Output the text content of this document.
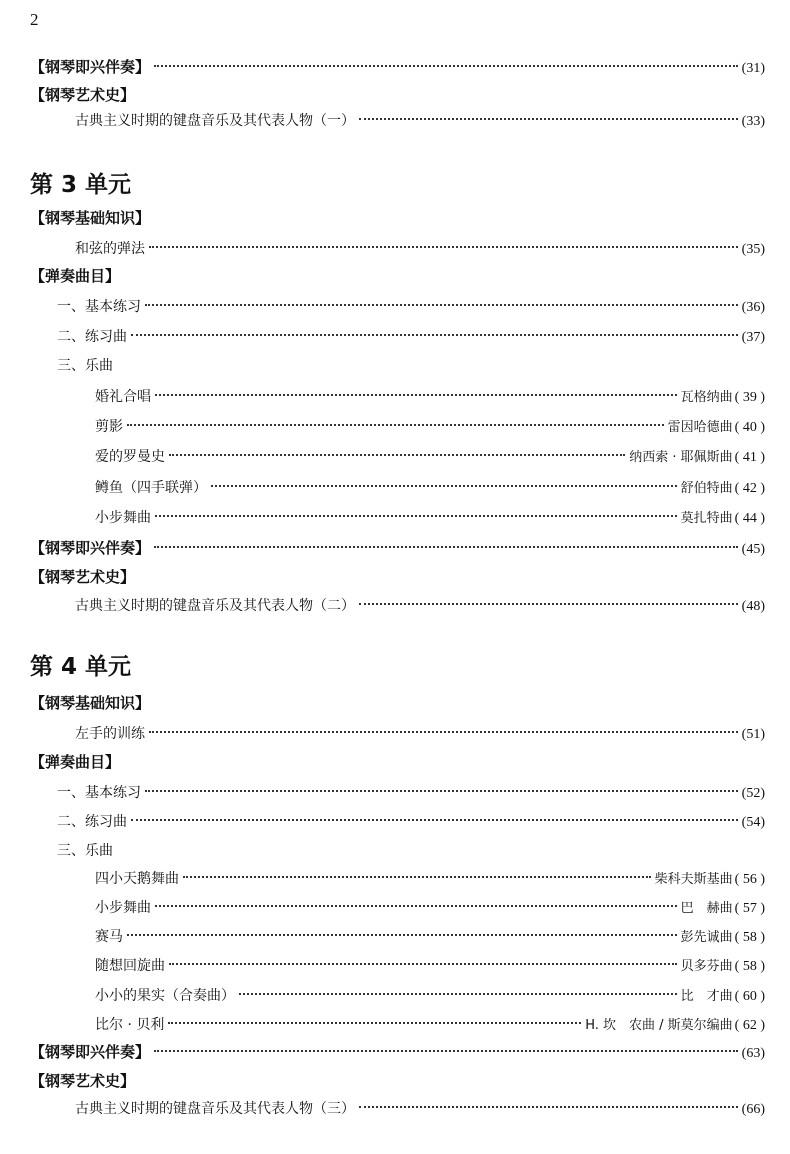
2
【钢琴即兴伴奏】	(31)
【钢琴艺术史】
古典主义时期的键盘音乐及其代表人物（一）	(33)
第 3 单元
【钢琴基础知识】
和弦的弹法	(35)
【弹奏曲目】
一、基本练习	(36)
二、练习曲	(37)
三、乐曲
婚礼合唱	瓦格纳曲 ( 39 )
剪影	雷因哈德曲 ( 40 )
爱的罗曼史	纳西索 · 耶佩斯曲 ( 41 )
鳟鱼（四手联弹）	舒伯特曲 ( 42 )
小步舞曲	莫扎特曲 ( 44 )
【钢琴即兴伴奏】	(45)
【钢琴艺术史】
古典主义时期的键盘音乐及其代表人物（二）	(48)
第 4 单元
【钢琴基础知识】
左手的训练	(51)
【弹奏曲目】
一、基本练习	(52)
二、练习曲	(54)
三、乐曲
四小天鹅舞曲	柴科夫斯基曲 ( 56 )
小步舞曲	巴　赫曲 ( 57 )
赛马	彭先诚曲 ( 58 )
随想回旋曲	贝多芬曲 ( 58 )
小小的果实（合奏曲）	比　才曲 ( 60 )
比尔 · 贝利	H. 坎　农曲 / 斯莫尔编曲 ( 62 )
【钢琴即兴伴奏】	(63)
【钢琴艺术史】
古典主义时期的键盘音乐及其代表人物（三）	(66)
